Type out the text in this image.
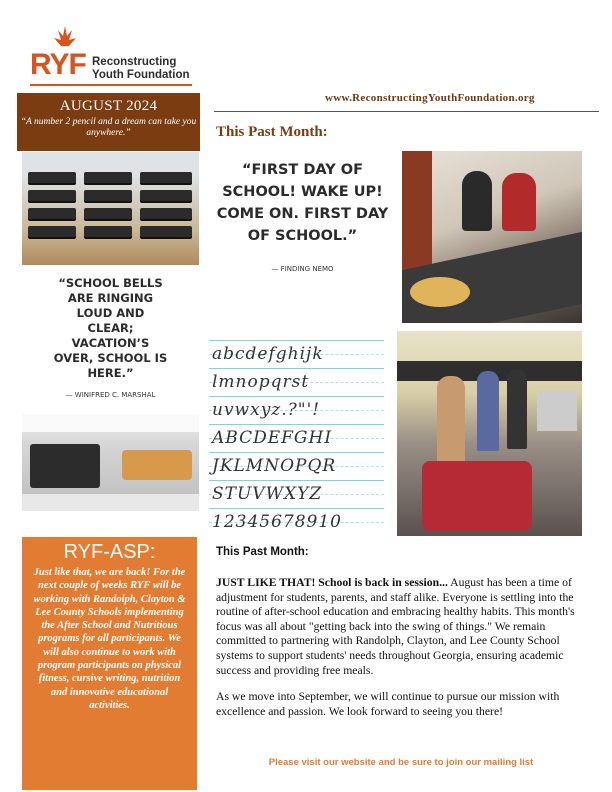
RYF Reconstructing
Youth Foundation
AUGUST 2024
“A number 2 pencil and a dream can take you anywhere.”
www.ReconstructingYouthFoundation.org
This Past Month:
“FIRST DAY OF SCHOOL! WAKE UP! COME ON. FIRST DAY OF SCHOOL.”
— FINDING NEMO
“SCHOOL BELLS ARE RINGING LOUD AND CLEAR; VACATION’S OVER, SCHOOL IS HERE.”
— WINIFRED C. MARSHAL
abcdefghijk
lmnopqrst
uvwxyz.?"'!
ABCDEFGHI
JKLMNOPQR
STUVWXYZ
12345678910
RYF-ASP:
Just like that, we are back! For the next couple of weeks RYF will be working with Randolph, Clayton & Lee County Schools implementing the After School and Nutritious programs for all participants. We will also continue to work with program participants on physical fitness, cursive writing, nutrition and innovative educational activities.
This Past Month:

JUST LIKE THAT! School is back in session... August has been a time of adjustment for students, parents, and staff alike. Everyone is settling into the routine of after-school education and embracing healthy habits. This month's focus was all about "getting back into the swing of things." We remain committed to partnering with Randolph, Clayton, and Lee County School systems to support students' needs throughout Georgia, ensuring academic success and providing free meals.

As we move into September, we will continue to pursue our mission with excellence and passion. We look forward to seeing you there!

Please visit our website and be sure to join our mailing list
